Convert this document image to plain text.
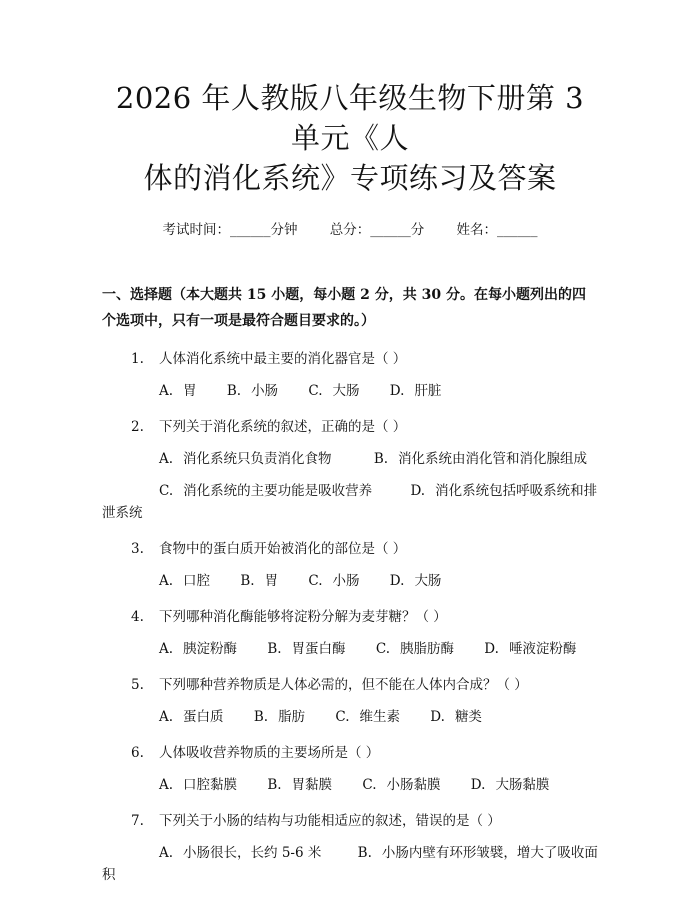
2026 年人教版八年级生物下册第 3 单元《人
体的消化系统》专项练习及答案
考试时间：______分钟 总分：______分 姓名：______
一、选择题（本大题共 15 小题，每小题 2 分，共 30 分。在每小题列出的四个选项中，只有一项是最符合题目要求的。）
1.	人体消化系统中最主要的消化器官是（ ）
A. 胃 B. 小肠 C. 大肠 D. 肝脏
2.	下列关于消化系统的叙述，正确的是（ ）
A. 消化系统只负责消化食物	B. 消化系统由消化管和消化腺组成
C. 消化系统的主要功能是吸收营养	D. 消化系统包括呼吸系统和排
泄系统
3.	食物中的蛋白质开始被消化的部位是（ ）
A. 口腔 B. 胃 C. 小肠 D. 大肠
4.	下列哪种消化酶能够将淀粉分解为麦芽糖？（ ）
A. 胰淀粉酶 B. 胃蛋白酶 C. 胰脂肪酶 D. 唾液淀粉酶
5.	下列哪种营养物质是人体必需的，但不能在人体内合成？（ ）
A. 蛋白质 B. 脂肪 C. 维生素 D. 糖类
6.	人体吸收营养物质的主要场所是（ ）
A. 口腔黏膜 B. 胃黏膜 C. 小肠黏膜 D. 大肠黏膜
7.	下列关于小肠的结构与功能相适应的叙述，错误的是（ ）
A. 小肠很长，长约 5-6 米	B. 小肠内壁有环形皱襞，增大了吸收面
积
